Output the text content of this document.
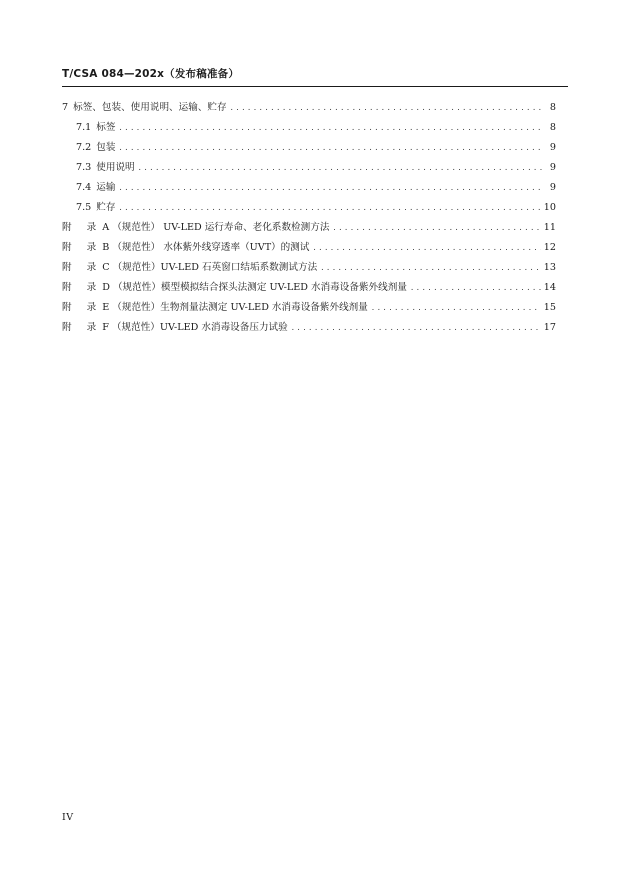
T/CSA 084—202x（发布稿准备）
7 标签、包装、使用说明、运输、贮存 .....	8
7.1 标签 .....	8
7.2 包装 .....	9
7.3 使用说明 .....	9
7.4 运输 .....	9
7.5 贮存 .....	10
附 录 A （规范性） UV-LED 运行寿命、老化系数检测方法 .....	11
附 录 B （规范性） 水体紫外线穿透率（UVT）的测试 .....	12
附 录 C （规范性）UV-LED 石英窗口结垢系数测试方法 .....	13
附 录 D （规范性）模型模拟结合探头法测定 UV-LED 水消毒设备紫外线剂量 .....	14
附 录 E （规范性）生物剂量法测定 UV-LED 水消毒设备紫外线剂量 .....	15
附 录 F （规范性）UV-LED 水消毒设备压力试验 .....	17
IV
